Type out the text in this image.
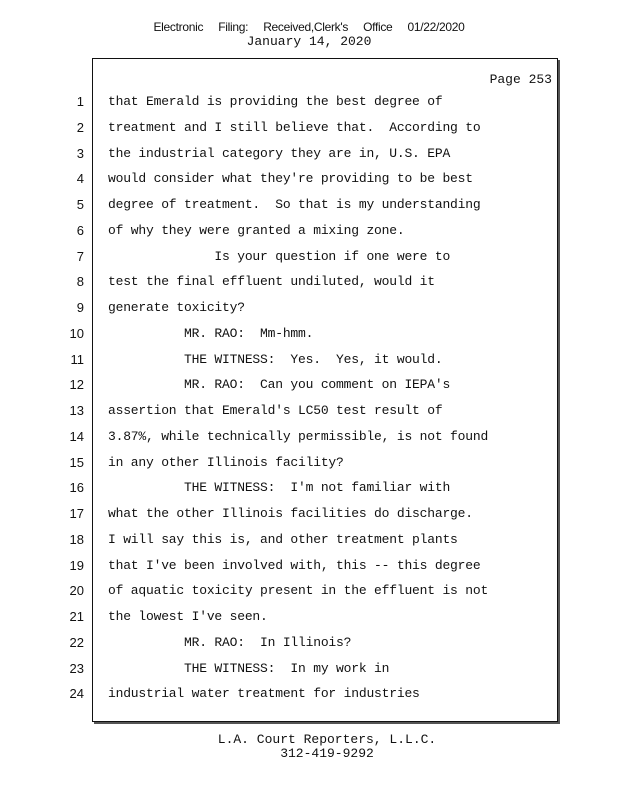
Electronic Filing: Received,Clerk's Office 01/22/2020
January 14, 2020
Page 253
1 that Emerald is providing the best degree of
2 treatment and I still believe that.  According to
3 the industrial category they are in, U.S. EPA
4 would consider what they're providing to be best
5 degree of treatment.  So that is my understanding
6 of why they were granted a mixing zone.
7 Is your question if one were to
8 test the final effluent undiluted, would it
9 generate toxicity?
10 MR. RAO:  Mm-hmm.
11 THE WITNESS:  Yes.  Yes, it would.
12 MR. RAO:  Can you comment on IEPA's
13 assertion that Emerald's LC50 test result of
14 3.87%, while technically permissible, is not found
15 in any other Illinois facility?
16 THE WITNESS:  I'm not familiar with
17 what the other Illinois facilities do discharge.
18 I will say this is, and other treatment plants
19 that I've been involved with, this -- this degree
20 of aquatic toxicity present in the effluent is not
21 the lowest I've seen.
22 MR. RAO:  In Illinois?
23 THE WITNESS:  In my work in
24 industrial water treatment for industries
L.A. Court Reporters, L.L.C.
312-419-9292
